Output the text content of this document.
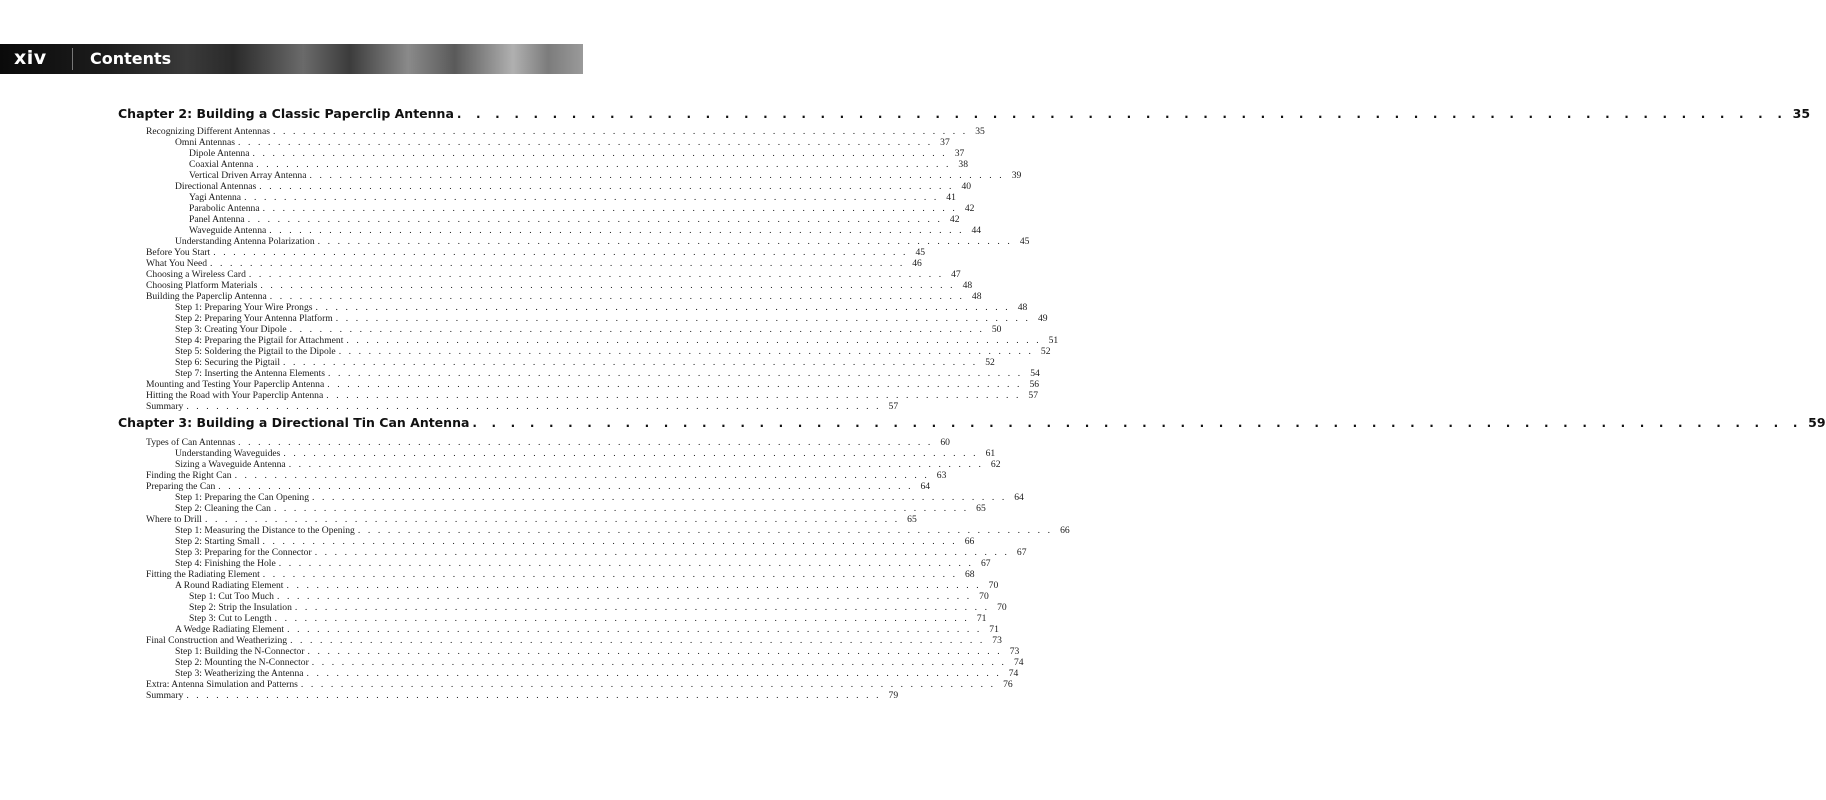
xiv	Contents
Chapter 2: Building a Classic Paperclip Antenna . . . . . . . . . . . . . . . . . . . . . . . . . . . . . . . . . . . . . . . . . . . . . . . . . . . . . . . . . . . . . . . . . . . . . . 35
Recognizing Different Antennas . . . . . . . . . . . . . . . . . . . . . . . . . . . . . . . . . . . . . . . . . . . . . . . . . . . . . . . . . . . . . . . . . . . . . . 35
Omni Antennas . . . . . . . . . . . . . . . . . . . . . . . . . . . . . . . . . . . . . . . . . . . . . . . . . . . . . . . . . . . . . . . . . . . . . . 37
Dipole Antenna . . . . . . . . . . . . . . . . . . . . . . . . . . . . . . . . . . . . . . . . . . . . . . . . . . . . . . . . . . . . . . . . . . . . . . 37
Coaxial Antenna . . . . . . . . . . . . . . . . . . . . . . . . . . . . . . . . . . . . . . . . . . . . . . . . . . . . . . . . . . . . . . . . . . . . . . 38
Vertical Driven Array Antenna . . . . . . . . . . . . . . . . . . . . . . . . . . . . . . . . . . . . . . . . . . . . . . . . . . . . . . . . . . . . . . . . . . . . . . 39
Directional Antennas . . . . . . . . . . . . . . . . . . . . . . . . . . . . . . . . . . . . . . . . . . . . . . . . . . . . . . . . . . . . . . . . . . . . . . 40
Yagi Antenna . . . . . . . . . . . . . . . . . . . . . . . . . . . . . . . . . . . . . . . . . . . . . . . . . . . . . . . . . . . . . . . . . . . . . . 41
Parabolic Antenna . . . . . . . . . . . . . . . . . . . . . . . . . . . . . . . . . . . . . . . . . . . . . . . . . . . . . . . . . . . . . . . . . . . . . . 42
Panel Antenna . . . . . . . . . . . . . . . . . . . . . . . . . . . . . . . . . . . . . . . . . . . . . . . . . . . . . . . . . . . . . . . . . . . . . . 42
Waveguide Antenna . . . . . . . . . . . . . . . . . . . . . . . . . . . . . . . . . . . . . . . . . . . . . . . . . . . . . . . . . . . . . . . . . . . . . . 44
Understanding Antenna Polarization . . . . . . . . . . . . . . . . . . . . . . . . . . . . . . . . . . . . . . . . . . . . . . . . . . . . . . . . . . . . . . . . . . . . . . 45
Before You Start . . . . . . . . . . . . . . . . . . . . . . . . . . . . . . . . . . . . . . . . . . . . . . . . . . . . . . . . . . . . . . . . . . . . . . 45
What You Need . . . . . . . . . . . . . . . . . . . . . . . . . . . . . . . . . . . . . . . . . . . . . . . . . . . . . . . . . . . . . . . . . . . . . . 46
Choosing a Wireless Card . . . . . . . . . . . . . . . . . . . . . . . . . . . . . . . . . . . . . . . . . . . . . . . . . . . . . . . . . . . . . . . . . . . . . . 47
Choosing Platform Materials . . . . . . . . . . . . . . . . . . . . . . . . . . . . . . . . . . . . . . . . . . . . . . . . . . . . . . . . . . . . . . . . . . . . . . 48
Building the Paperclip Antenna . . . . . . . . . . . . . . . . . . . . . . . . . . . . . . . . . . . . . . . . . . . . . . . . . . . . . . . . . . . . . . . . . . . . . . 48
Step 1: Preparing Your Wire Prongs . . . . . . . . . . . . . . . . . . . . . . . . . . . . . . . . . . . . . . . . . . . . . . . . . . . . . . . . . . . . . . . . . . . . . . 48
Step 2: Preparing Your Antenna Platform . . . . . . . . . . . . . . . . . . . . . . . . . . . . . . . . . . . . . . . . . . . . . . . . . . . . . . . . . . . . . . . . . . . . . . 49
Step 3: Creating Your Dipole . . . . . . . . . . . . . . . . . . . . . . . . . . . . . . . . . . . . . . . . . . . . . . . . . . . . . . . . . . . . . . . . . . . . . . 50
Step 4: Preparing the Pigtail for Attachment . . . . . . . . . . . . . . . . . . . . . . . . . . . . . . . . . . . . . . . . . . . . . . . . . . . . . . . . . . . . . . . . . . . . . . 51
Step 5: Soldering the Pigtail to the Dipole . . . . . . . . . . . . . . . . . . . . . . . . . . . . . . . . . . . . . . . . . . . . . . . . . . . . . . . . . . . . . . . . . . . . . . 52
Step 6: Securing the Pigtail . . . . . . . . . . . . . . . . . . . . . . . . . . . . . . . . . . . . . . . . . . . . . . . . . . . . . . . . . . . . . . . . . . . . . . 52
Step 7: Inserting the Antenna Elements . . . . . . . . . . . . . . . . . . . . . . . . . . . . . . . . . . . . . . . . . . . . . . . . . . . . . . . . . . . . . . . . . . . . . . 54
Mounting and Testing Your Paperclip Antenna . . . . . . . . . . . . . . . . . . . . . . . . . . . . . . . . . . . . . . . . . . . . . . . . . . . . . . . . . . . . . . . . . . . . . . 56
Hitting the Road with Your Paperclip Antenna . . . . . . . . . . . . . . . . . . . . . . . . . . . . . . . . . . . . . . . . . . . . . . . . . . . . . . . . . . . . . . . . . . . . . . 57
Summary . . . . . . . . . . . . . . . . . . . . . . . . . . . . . . . . . . . . . . . . . . . . . . . . . . . . . . . . . . . . . . . . . . . . . . 57
Chapter 3: Building a Directional Tin Can Antenna . . . . . . . . . . . . . . . . . . . . . . . . . . . . . . . . . . . . . . . . . . . . . . . . . . . . . . . . . . . . . . . . . . . . . . 59
Types of Can Antennas . . . . . . . . . . . . . . . . . . . . . . . . . . . . . . . . . . . . . . . . . . . . . . . . . . . . . . . . . . . . . . . . . . . . . . 60
Understanding Waveguides . . . . . . . . . . . . . . . . . . . . . . . . . . . . . . . . . . . . . . . . . . . . . . . . . . . . . . . . . . . . . . . . . . . . . . 61
Sizing a Waveguide Antenna . . . . . . . . . . . . . . . . . . . . . . . . . . . . . . . . . . . . . . . . . . . . . . . . . . . . . . . . . . . . . . . . . . . . . . 62
Finding the Right Can . . . . . . . . . . . . . . . . . . . . . . . . . . . . . . . . . . . . . . . . . . . . . . . . . . . . . . . . . . . . . . . . . . . . . . 63
Preparing the Can . . . . . . . . . . . . . . . . . . . . . . . . . . . . . . . . . . . . . . . . . . . . . . . . . . . . . . . . . . . . . . . . . . . . . . 64
Step 1: Preparing the Can Opening . . . . . . . . . . . . . . . . . . . . . . . . . . . . . . . . . . . . . . . . . . . . . . . . . . . . . . . . . . . . . . . . . . . . . . 64
Step 2: Cleaning the Can . . . . . . . . . . . . . . . . . . . . . . . . . . . . . . . . . . . . . . . . . . . . . . . . . . . . . . . . . . . . . . . . . . . . . . 65
Where to Drill . . . . . . . . . . . . . . . . . . . . . . . . . . . . . . . . . . . . . . . . . . . . . . . . . . . . . . . . . . . . . . . . . . . . . . 65
Step 1: Measuring the Distance to the Opening . . . . . . . . . . . . . . . . . . . . . . . . . . . . . . . . . . . . . . . . . . . . . . . . . . . . . . . . . . . . . . . . . . . . . . 66
Step 2: Starting Small . . . . . . . . . . . . . . . . . . . . . . . . . . . . . . . . . . . . . . . . . . . . . . . . . . . . . . . . . . . . . . . . . . . . . . 66
Step 3: Preparing for the Connector . . . . . . . . . . . . . . . . . . . . . . . . . . . . . . . . . . . . . . . . . . . . . . . . . . . . . . . . . . . . . . . . . . . . . . 67
Step 4: Finishing the Hole . . . . . . . . . . . . . . . . . . . . . . . . . . . . . . . . . . . . . . . . . . . . . . . . . . . . . . . . . . . . . . . . . . . . . . 67
Fitting the Radiating Element . . . . . . . . . . . . . . . . . . . . . . . . . . . . . . . . . . . . . . . . . . . . . . . . . . . . . . . . . . . . . . . . . . . . . . 68
A Round Radiating Element . . . . . . . . . . . . . . . . . . . . . . . . . . . . . . . . . . . . . . . . . . . . . . . . . . . . . . . . . . . . . . . . . . . . . . 70
Step 1: Cut Too Much . . . . . . . . . . . . . . . . . . . . . . . . . . . . . . . . . . . . . . . . . . . . . . . . . . . . . . . . . . . . . . . . . . . . . . 70
Step 2: Strip the Insulation . . . . . . . . . . . . . . . . . . . . . . . . . . . . . . . . . . . . . . . . . . . . . . . . . . . . . . . . . . . . . . . . . . . . . . 70
Step 3: Cut to Length . . . . . . . . . . . . . . . . . . . . . . . . . . . . . . . . . . . . . . . . . . . . . . . . . . . . . . . . . . . . . . . . . . . . . . 71
A Wedge Radiating Element . . . . . . . . . . . . . . . . . . . . . . . . . . . . . . . . . . . . . . . . . . . . . . . . . . . . . . . . . . . . . . . . . . . . . . 71
Final Construction and Weatherizing . . . . . . . . . . . . . . . . . . . . . . . . . . . . . . . . . . . . . . . . . . . . . . . . . . . . . . . . . . . . . . . . . . . . . . 73
Step 1: Building the N-Connector . . . . . . . . . . . . . . . . . . . . . . . . . . . . . . . . . . . . . . . . . . . . . . . . . . . . . . . . . . . . . . . . . . . . . . 73
Step 2: Mounting the N-Connector . . . . . . . . . . . . . . . . . . . . . . . . . . . . . . . . . . . . . . . . . . . . . . . . . . . . . . . . . . . . . . . . . . . . . . 74
Step 3: Weatherizing the Antenna . . . . . . . . . . . . . . . . . . . . . . . . . . . . . . . . . . . . . . . . . . . . . . . . . . . . . . . . . . . . . . . . . . . . . . 74
Extra: Antenna Simulation and Patterns . . . . . . . . . . . . . . . . . . . . . . . . . . . . . . . . . . . . . . . . . . . . . . . . . . . . . . . . . . . . . . . . . . . . . . 76
Summary . . . . . . . . . . . . . . . . . . . . . . . . . . . . . . . . . . . . . . . . . . . . . . . . . . . . . . . . . . . . . . . . . . . . . . 79
